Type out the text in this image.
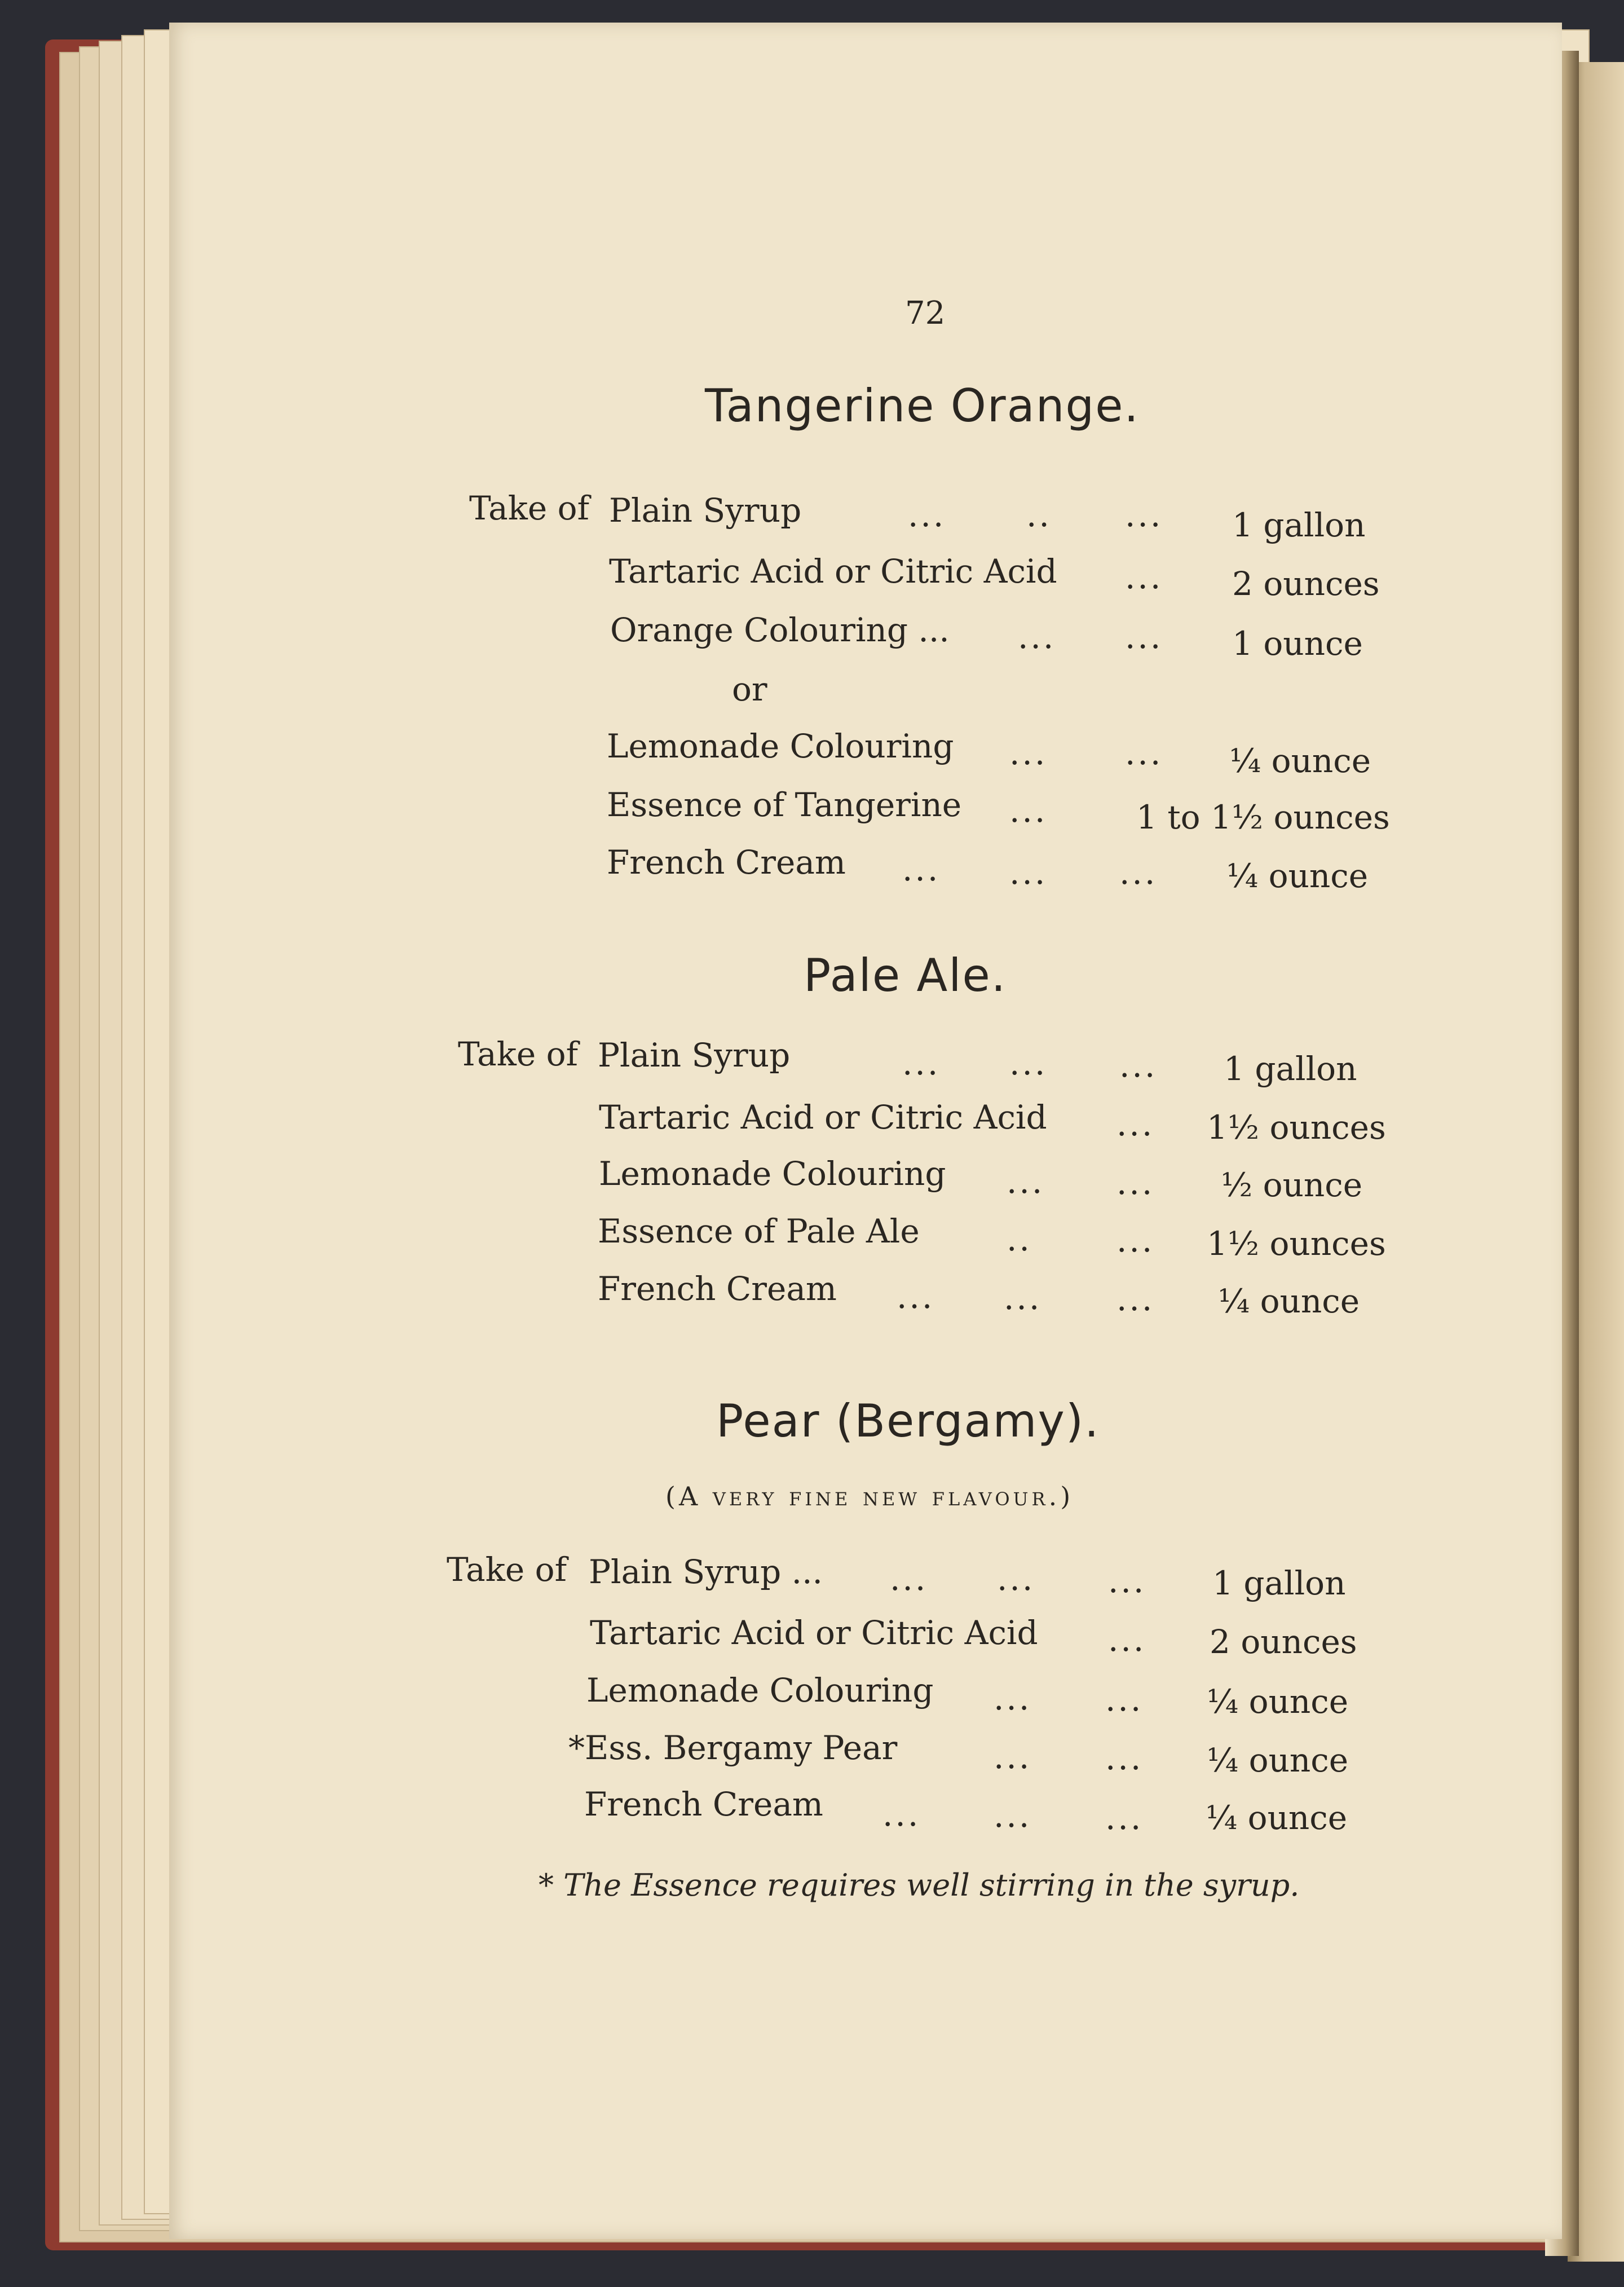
72
Tangerine Orange.
Take of Plain Syrup	... .. ... 1 gallon
Tartaric Acid or Citric Acid ... 2 ounces
Orange Colouring ... ... ... 1 ounce
or
Lemonade Colouring ... ... ¼ ounce
Essence of Tangerine ...	1 to 1½ ounces
French Cream ... ... ... ¼ ounce
Pale Ale.
Take of Plain Syrup	... ... ... 1 gallon
Tartaric Acid or Citric Acid ... 1½ ounces
Lemonade Colouring ... ... ½ ounce
Essence of Pale Ale	..	... 1½ ounces
French Cream ... ... ... ¼ ounce
Pear (Bergamy).
(A very fine new flavour.)
Take of Plain Syrup ... ... ... ... 1 gallon
Tartaric Acid or Citric Acid ... 2 ounces
Lemonade Colouring ... ... ¼ ounce
*Ess. Bergamy Pear	... ... ¼ ounce
French Cream ... ... ... ¼ ounce
* The Essence requires well stirring in the syrup.
